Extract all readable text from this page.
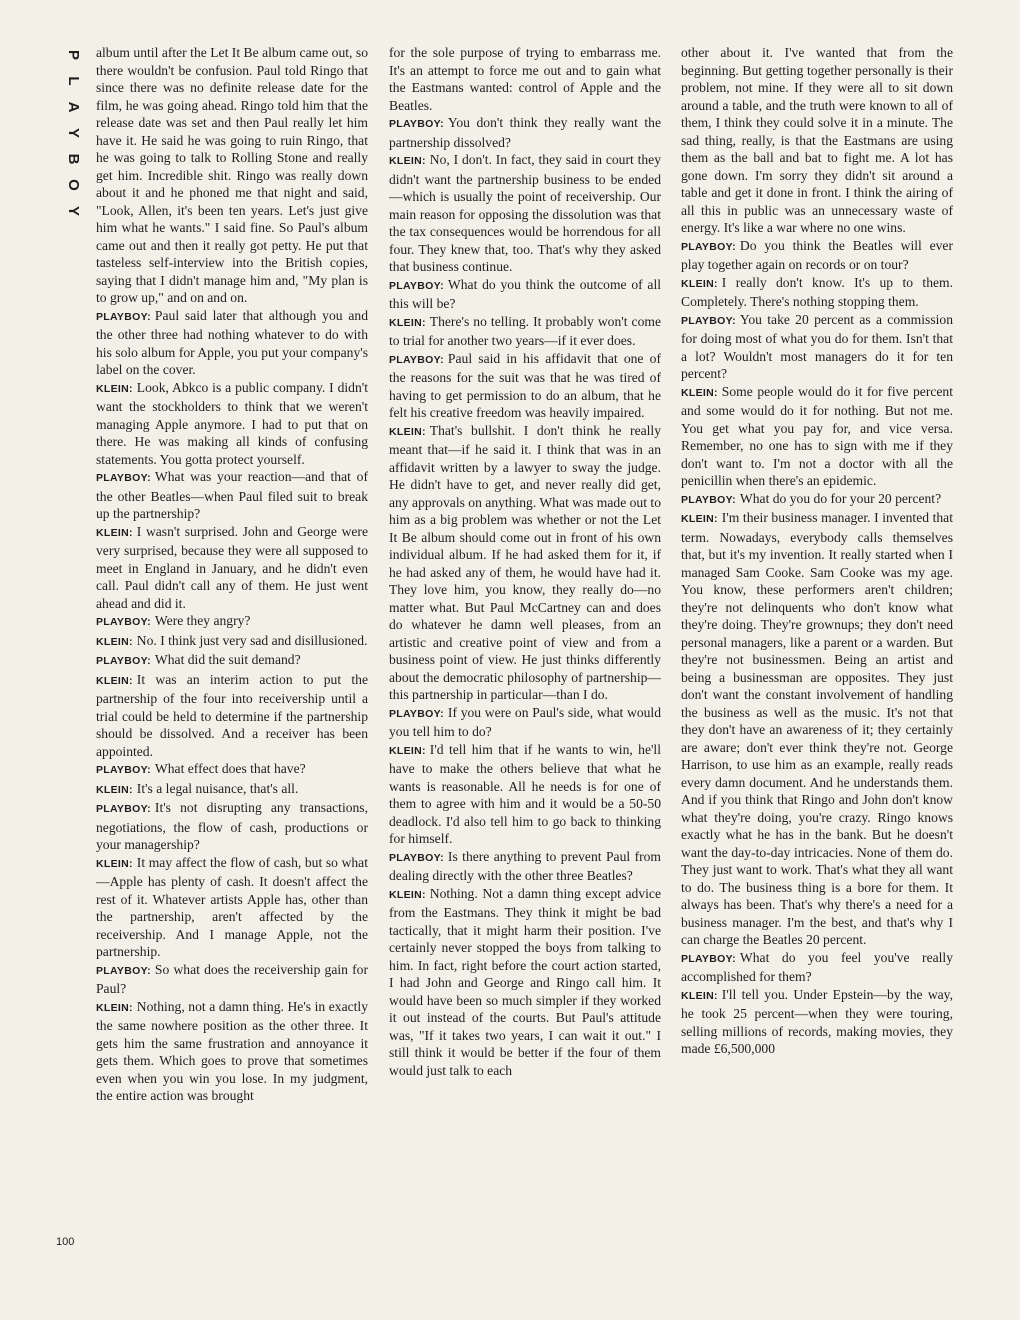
P
L
A
Y
B
O
Y

album until after the Let It Be album came out, so there wouldn't be confusion. Paul told Ringo that since there was no definite release date for the film, he was going ahead. Ringo told him that the release date was set and then Paul really let him have it. He said he was going to ruin Ringo, that he was going to talk to Rolling Stone and really get him. Incredible shit. Ringo was really down about it and he phoned me that night and said, "Look, Allen, it's been ten years. Let's just give him what he wants." I said fine. So Paul's album came out and then it really got petty. He put that tasteless self-interview into the British copies, saying that I didn't manage him and, "My plan is to grow up," and on and on.

PLAYBOY: Paul said later that although you and the other three had nothing whatever to do with his solo album for Apple, you put your company's label on the cover.

KLEIN: Look, Abkco is a public company. I didn't want the stockholders to think that we weren't managing Apple anymore. I had to put that on there. He was making all kinds of confusing statements. You gotta protect yourself.

PLAYBOY: What was your reaction—and that of the other Beatles—when Paul filed suit to break up the partnership?

KLEIN: I wasn't surprised. John and George were very surprised, because they were all supposed to meet in England in January, and he didn't even call. Paul didn't call any of them. He just went ahead and did it.

PLAYBOY: Were they angry?

KLEIN: No. I think just very sad and disillusioned.

PLAYBOY: What did the suit demand?

KLEIN: It was an interim action to put the partnership of the four into receivership until a trial could be held to determine if the partnership should be dissolved. And a receiver has been appointed.

PLAYBOY: What effect does that have?

KLEIN: It's a legal nuisance, that's all.

PLAYBOY: It's not disrupting any transactions, negotiations, the flow of cash, productions or your managership?

KLEIN: It may affect the flow of cash, but so what—Apple has plenty of cash. It doesn't affect the rest of it. Whatever artists Apple has, other than the partnership, aren't affected by the receivership. And I manage Apple, not the partnership.

PLAYBOY: So what does the receivership gain for Paul?

KLEIN: Nothing, not a damn thing. He's in exactly the same nowhere position as the other three. It gets him the same frustration and annoyance it gets them. Which goes to prove that sometimes even when you win you lose. In my judgment, the entire action was brought

for the sole purpose of trying to embarrass me. It's an attempt to force me out and to gain what the Eastmans wanted: control of Apple and the Beatles.

PLAYBOY: You don't think they really want the partnership dissolved?

KLEIN: No, I don't. In fact, they said in court they didn't want the partnership business to be ended—which is usually the point of receivership. Our main reason for opposing the dissolution was that the tax consequences would be horrendous for all four. They knew that, too. That's why they asked that business continue.

PLAYBOY: What do you think the outcome of all this will be?

KLEIN: There's no telling. It probably won't come to trial for another two years—if it ever does.

PLAYBOY: Paul said in his affidavit that one of the reasons for the suit was that he was tired of having to get permission to do an album, that he felt his creative freedom was heavily impaired.

KLEIN: That's bullshit. I don't think he really meant that—if he said it. I think that was in an affidavit written by a lawyer to sway the judge. He didn't have to get, and never really did get, any approvals on anything. What was made out to him as a big problem was whether or not the Let It Be album should come out in front of his own individual album. If he had asked them for it, if he had asked any of them, he would have had it. They love him, you know, they really do—no matter what. But Paul McCartney can and does do whatever he damn well pleases, from an artistic and creative point of view and from a business point of view. He just thinks differently about the democratic philosophy of partnership—this partnership in particular—than I do.

PLAYBOY: If you were on Paul's side, what would you tell him to do?

KLEIN: I'd tell him that if he wants to win, he'll have to make the others believe that what he wants is reasonable. All he needs is for one of them to agree with him and it would be a 50-50 deadlock. I'd also tell him to go back to thinking for himself.

PLAYBOY: Is there anything to prevent Paul from dealing directly with the other three Beatles?

KLEIN: Nothing. Not a damn thing except advice from the Eastmans. They think it might be bad tactically, that it might harm their position. I've certainly never stopped the boys from talking to him. In fact, right before the court action started, I had John and George and Ringo call him. It would have been so much simpler if they worked it out instead of the courts. But Paul's attitude was, "If it takes two years, I can wait it out." I still think it would be better if the four of them would just talk to each

other about it. I've wanted that from the beginning. But getting together personally is their problem, not mine. If they were all to sit down around a table, and the truth were known to all of them, I think they could solve it in a minute. The sad thing, really, is that the Eastmans are using them as the ball and bat to fight me. A lot has gone down. I'm sorry they didn't sit around a table and get it done in front. I think the airing of all this in public was an unnecessary waste of energy. It's like a war where no one wins.

PLAYBOY: Do you think the Beatles will ever play together again on records or on tour?

KLEIN: I really don't know. It's up to them. Completely. There's nothing stopping them.

PLAYBOY: You take 20 percent as a commission for doing most of what you do for them. Isn't that a lot? Wouldn't most managers do it for ten percent?

KLEIN: Some people would do it for five percent and some would do it for nothing. But not me. You get what you pay for, and vice versa. Remember, no one has to sign with me if they don't want to. I'm not a doctor with all the penicillin when there's an epidemic.

PLAYBOY: What do you do for your 20 percent?

KLEIN: I'm their business manager. I invented that term. Nowadays, everybody calls themselves that, but it's my invention. It really started when I managed Sam Cooke. Sam Cooke was my age. You know, these performers aren't children; they're not delinquents who don't know what they're doing. They're grownups; they don't need personal managers, like a parent or a warden. But they're not businessmen. Being an artist and being a businessman are opposites. They just don't want the constant involvement of handling the business as well as the music. It's not that they don't have an awareness of it; they certainly are aware; don't ever think they're not. George Harrison, to use him as an example, really reads every damn document. And he understands them. And if you think that Ringo and John don't know what they're doing, you're crazy. Ringo knows exactly what he has in the bank. But he doesn't want the day-to-day intricacies. None of them do. They just want to work. That's what they all want to do. The business thing is a bore for them. It always has been. That's why there's a need for a business manager. I'm the best, and that's why I can charge the Beatles 20 percent.

PLAYBOY: What do you feel you've really accomplished for them?

KLEIN: I'll tell you. Under Epstein—by the way, he took 25 percent—when they were touring, selling millions of records, making movies, they made £6,500,000

100
